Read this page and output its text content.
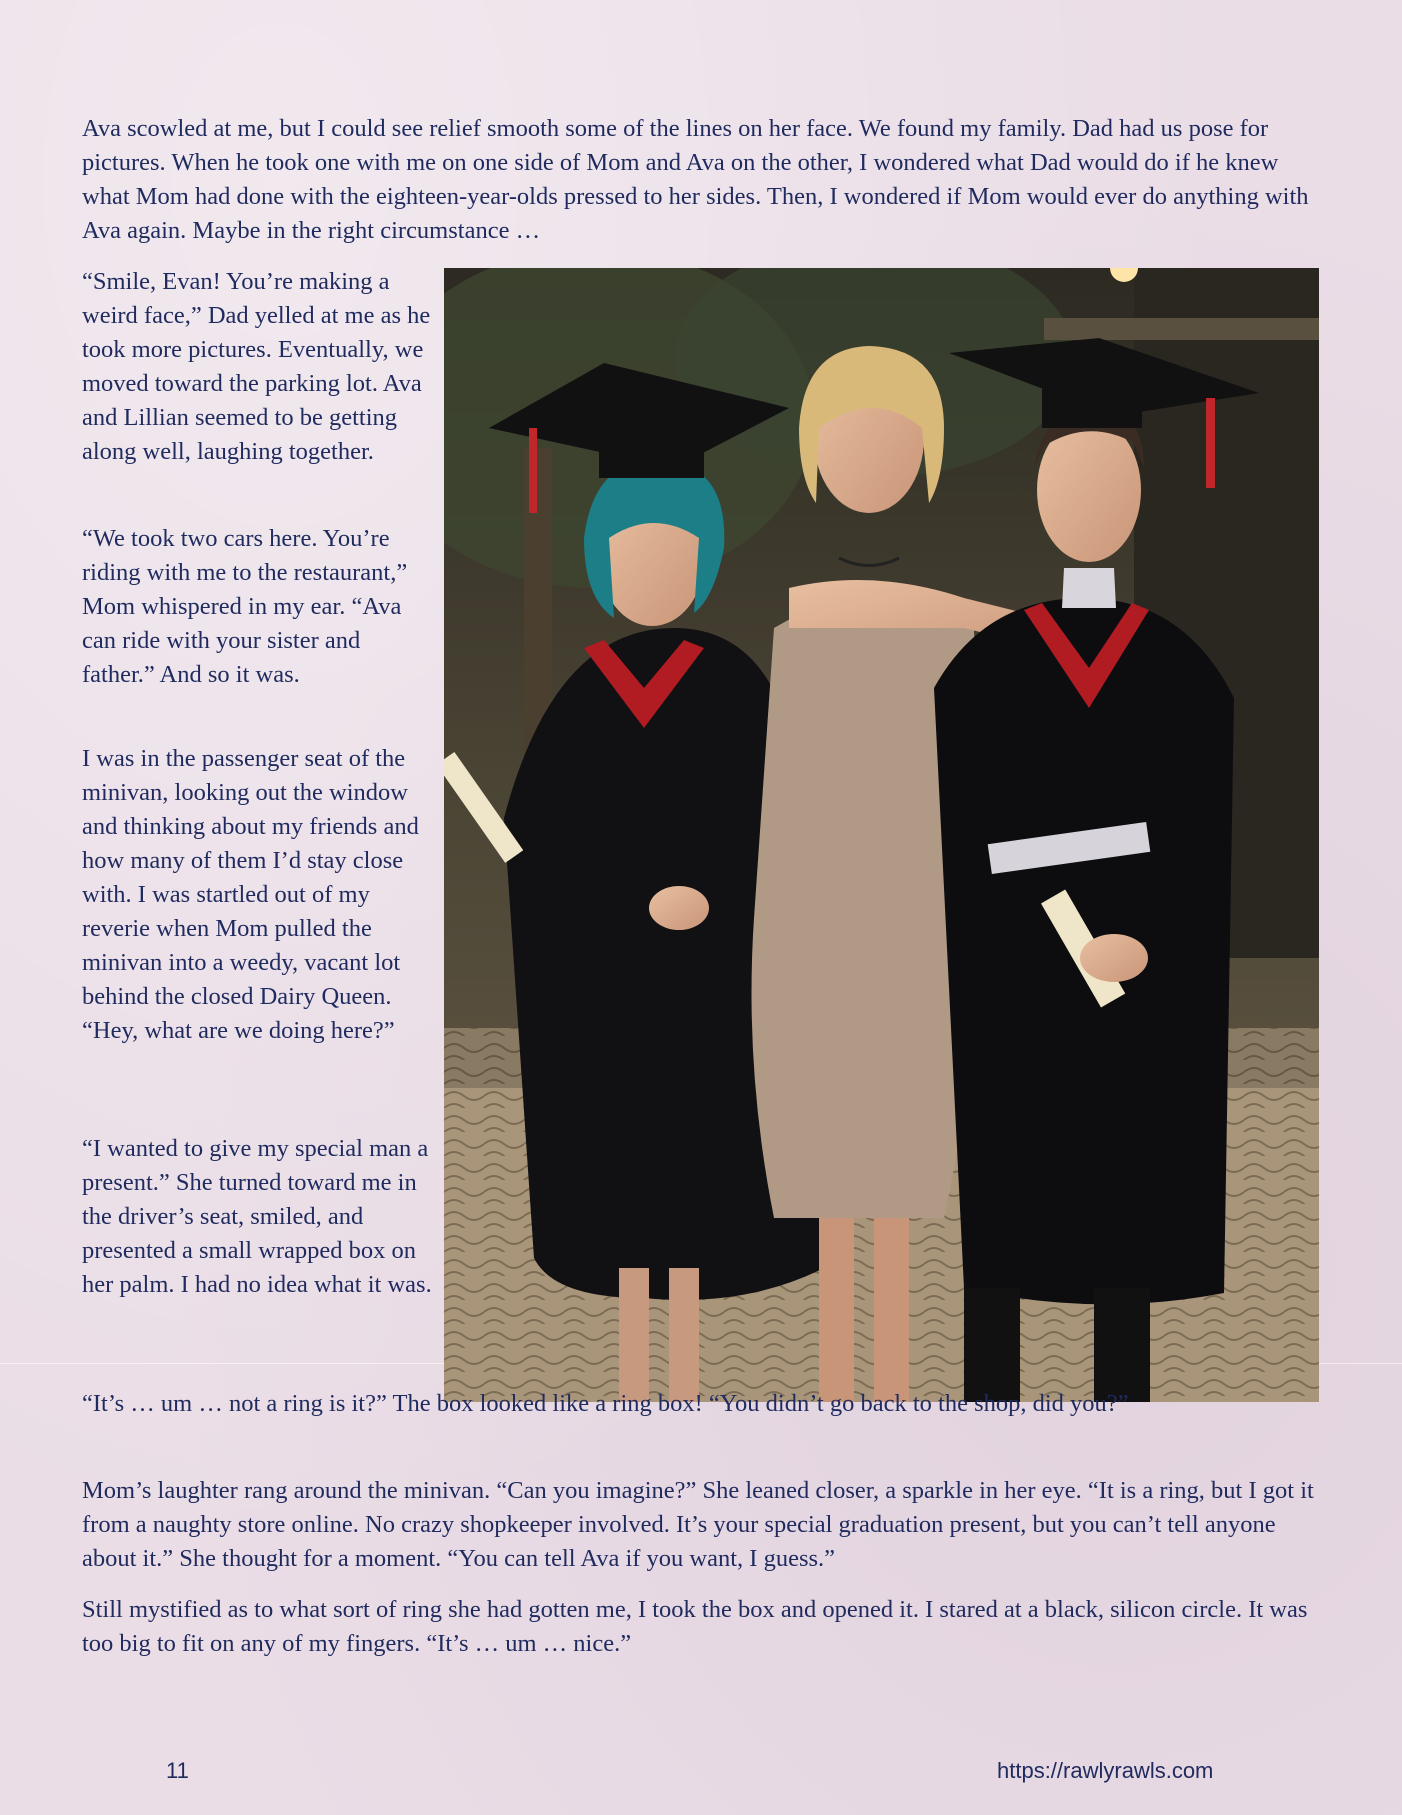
Ava scowled at me, but I could see relief smooth some of the lines on her face. We found my family. Dad had us pose for pictures. When he took one with me on one side of Mom and Ava on the other, I wondered what Dad would do if he knew what Mom had done with the eighteen-year-olds pressed to her sides. Then, I wondered if Mom would ever do anything with Ava again. Maybe in the right circumstance …

“Smile, Evan! You’re making a weird face,” Dad yelled at me as he took more pictures. Eventually, we moved toward the parking lot. Ava and Lillian seemed to be getting along well, laughing together.

“We took two cars here. You’re riding with me to the restaurant,” Mom whispered in my ear. “Ava can ride with your sister and father.” And so it was.

I was in the passenger seat of the minivan, looking out the window and thinking about my friends and how many of them I’d stay close with. I was startled out of my reverie when Mom pulled the minivan into a weedy, vacant lot behind the closed Dairy Queen. “Hey, what are we doing here?”

“I wanted to give my special man a present.” She turned toward me in the driver’s seat, smiled, and presented a small wrapped box on her palm. I had no idea what it was.

“It’s … um … not a ring is it?” The box looked like a ring box! “You didn’t go back to the shop, did you?”

Mom’s laughter rang around the minivan. “Can you imagine?” She leaned closer, a sparkle in her eye. “It is a ring, but I got it from a naughty store online. No crazy shopkeeper involved. It’s your special graduation present, but you can’t tell anyone about it.” She thought for a moment. “You can tell Ava if you want, I guess.”

Still mystified as to what sort of ring she had gotten me, I took the box and opened it. I stared at a black, silicon circle. It was too big to fit on any of my fingers. “It’s … um … nice.”

11	https://rawlyrawls.com
